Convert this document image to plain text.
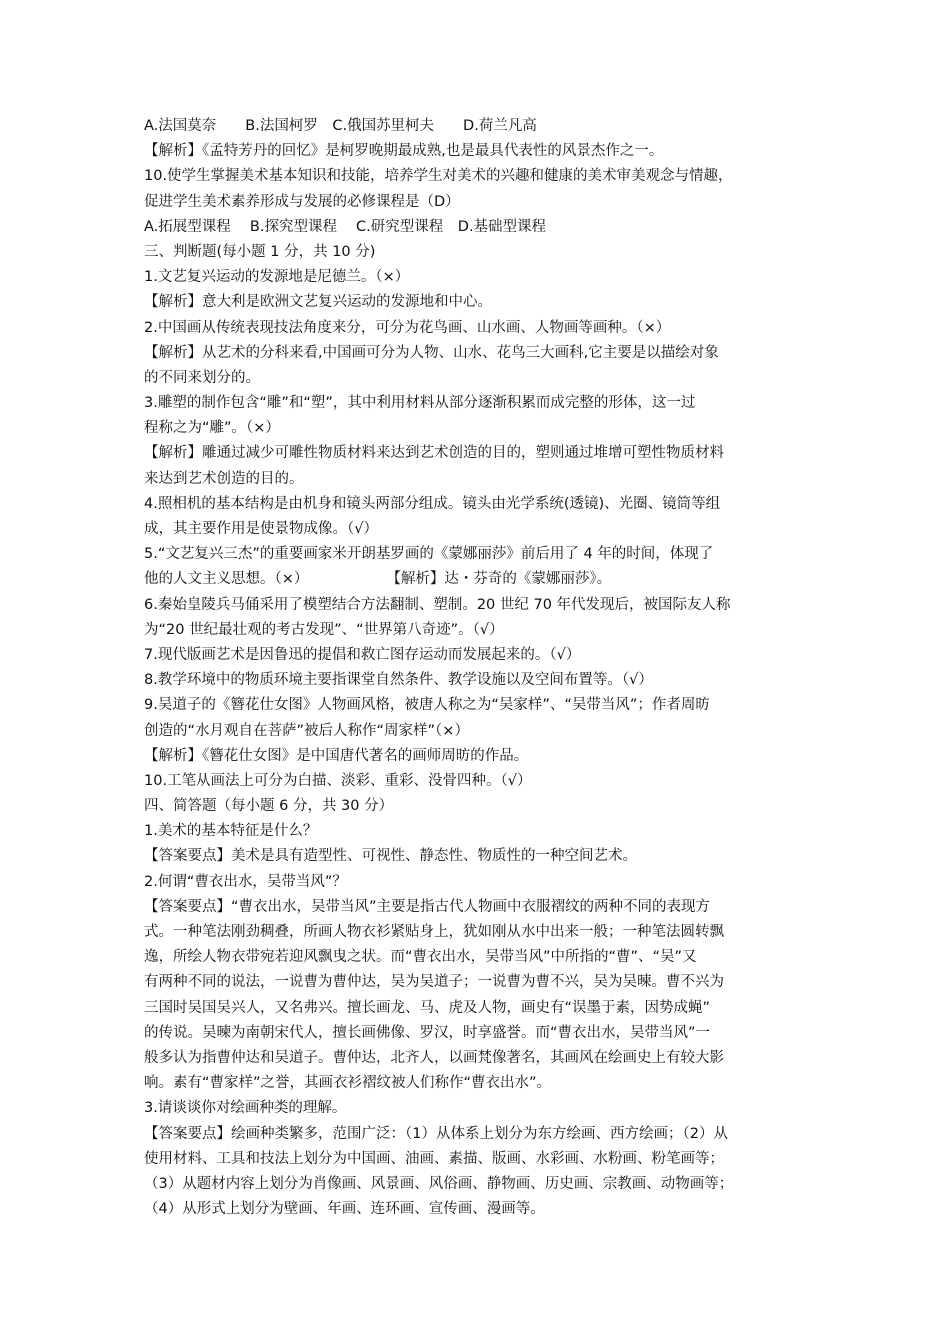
A.法国莫奈　　B.法国柯罗　C.俄国苏里柯夫　　D.荷兰凡高
【解析】《孟特芳丹的回忆》是柯罗晚期最成熟,也是最具代表性的风景杰作之一。
10.使学生掌握美术基本知识和技能，培养学生对美术的兴趣和健康的美术审美观念与情趣，
促进学生美术素养形成与发展的必修课程是（D）
A.拓展型课程　 B.探究型课程　 C.研究型课程　D.基础型课程
三、判断题(每小题 1 分，共 10 分)
1.文艺复兴运动的发源地是尼德兰。（×）
【解析】意大利是欧洲文艺复兴运动的发源地和中心。
2.中国画从传统表现技法角度来分，可分为花鸟画、山水画、人物画等画种。（×）
【解析】从艺术的分科来看,中国画可分为人物、山水、花鸟三大画科,它主要是以描绘对象
的不同来划分的。
3.雕塑的制作包含“雕”和“塑”，其中利用材料从部分逐渐积累而成完整的形体，这一过
程称之为“雕”。（×）
【解析】雕通过减少可雕性物质材料来达到艺术创造的目的，塑则通过堆增可塑性物质材料
来达到艺术创造的目的。
4.照相机的基本结构是由机身和镜头两部分组成。镜头由光学系统(透镜)、光圈、镜筒等组
成，其主要作用是使景物成像。（√）
5.“文艺复兴三杰”的重要画家米开朗基罗画的《蒙娜丽莎》前后用了 4 年的时间，体现了
他的人文主义思想。（×）	【解析】达・芬奇的《蒙娜丽莎》。
6.秦始皇陵兵马俑采用了模塑结合方法翻制、塑制。20 世纪 70 年代发现后，被国际友人称
为“20 世纪最壮观的考古发现”、“世界第八奇迹”。（√）
7.现代版画艺术是因鲁迅的提倡和救亡图存运动而发展起来的。（√）
8.教学环境中的物质环境主要指课堂自然条件、教学设施以及空间布置等。（√）
9.吴道子的《簪花仕女图》人物画风格，被唐人称之为“吴家样”、“吴带当风”；作者周昉
创造的“水月观自在菩萨”被后人称作“周家样”（×）
【解析】《簪花仕女图》是中国唐代著名的画师周昉的作品。
10.工笔从画法上可分为白描、淡彩、重彩、没骨四种。（√）
四、简答题（每小题 6 分，共 30 分）
1.美术的基本特征是什么？
【答案要点】美术是具有造型性、可视性、静态性、物质性的一种空间艺术。
2.何谓“曹衣出水，吴带当风”？
【答案要点】“曹衣出水，吴带当风”主要是指古代人物画中衣服褶纹的两种不同的表现方
式。一种笔法刚劲稠叠，所画人物衣衫紧贴身上，犹如刚从水中出来一般；一种笔法圆转飘
逸，所绘人物衣带宛若迎风飘曳之状。而“曹衣出水，吴带当风”中所指的“曹”、“吴”又
有两种不同的说法，一说曹为曹仲达，吴为吴道子；一说曹为曹不兴，吴为吴暕。曹不兴为
三国时吴国吴兴人，又名弗兴。擅长画龙、马、虎及人物，画史有“误墨于素，因势成蝇”
的传说。吴暕为南朝宋代人，擅长画佛像、罗汉，时享盛誉。而“曹衣出水，吴带当风”一
般多认为指曹仲达和吴道子。曹仲达，北齐人，以画梵像著名，其画风在绘画史上有较大影
响。素有“曹家样”之誉，其画衣衫褶纹被人们称作“曹衣出水”。
3.请谈谈你对绘画种类的理解。
【答案要点】绘画种类繁多，范围广泛：（1）从体系上划分为东方绘画、西方绘画；（2）从
使用材料、工具和技法上划分为中国画、油画、素描、版画、水彩画、水粉画、粉笔画等；
（3）从题材内容上划分为肖像画、风景画、风俗画、静物画、历史画、宗教画、动物画等；
（4）从形式上划分为壁画、年画、连环画、宣传画、漫画等。
